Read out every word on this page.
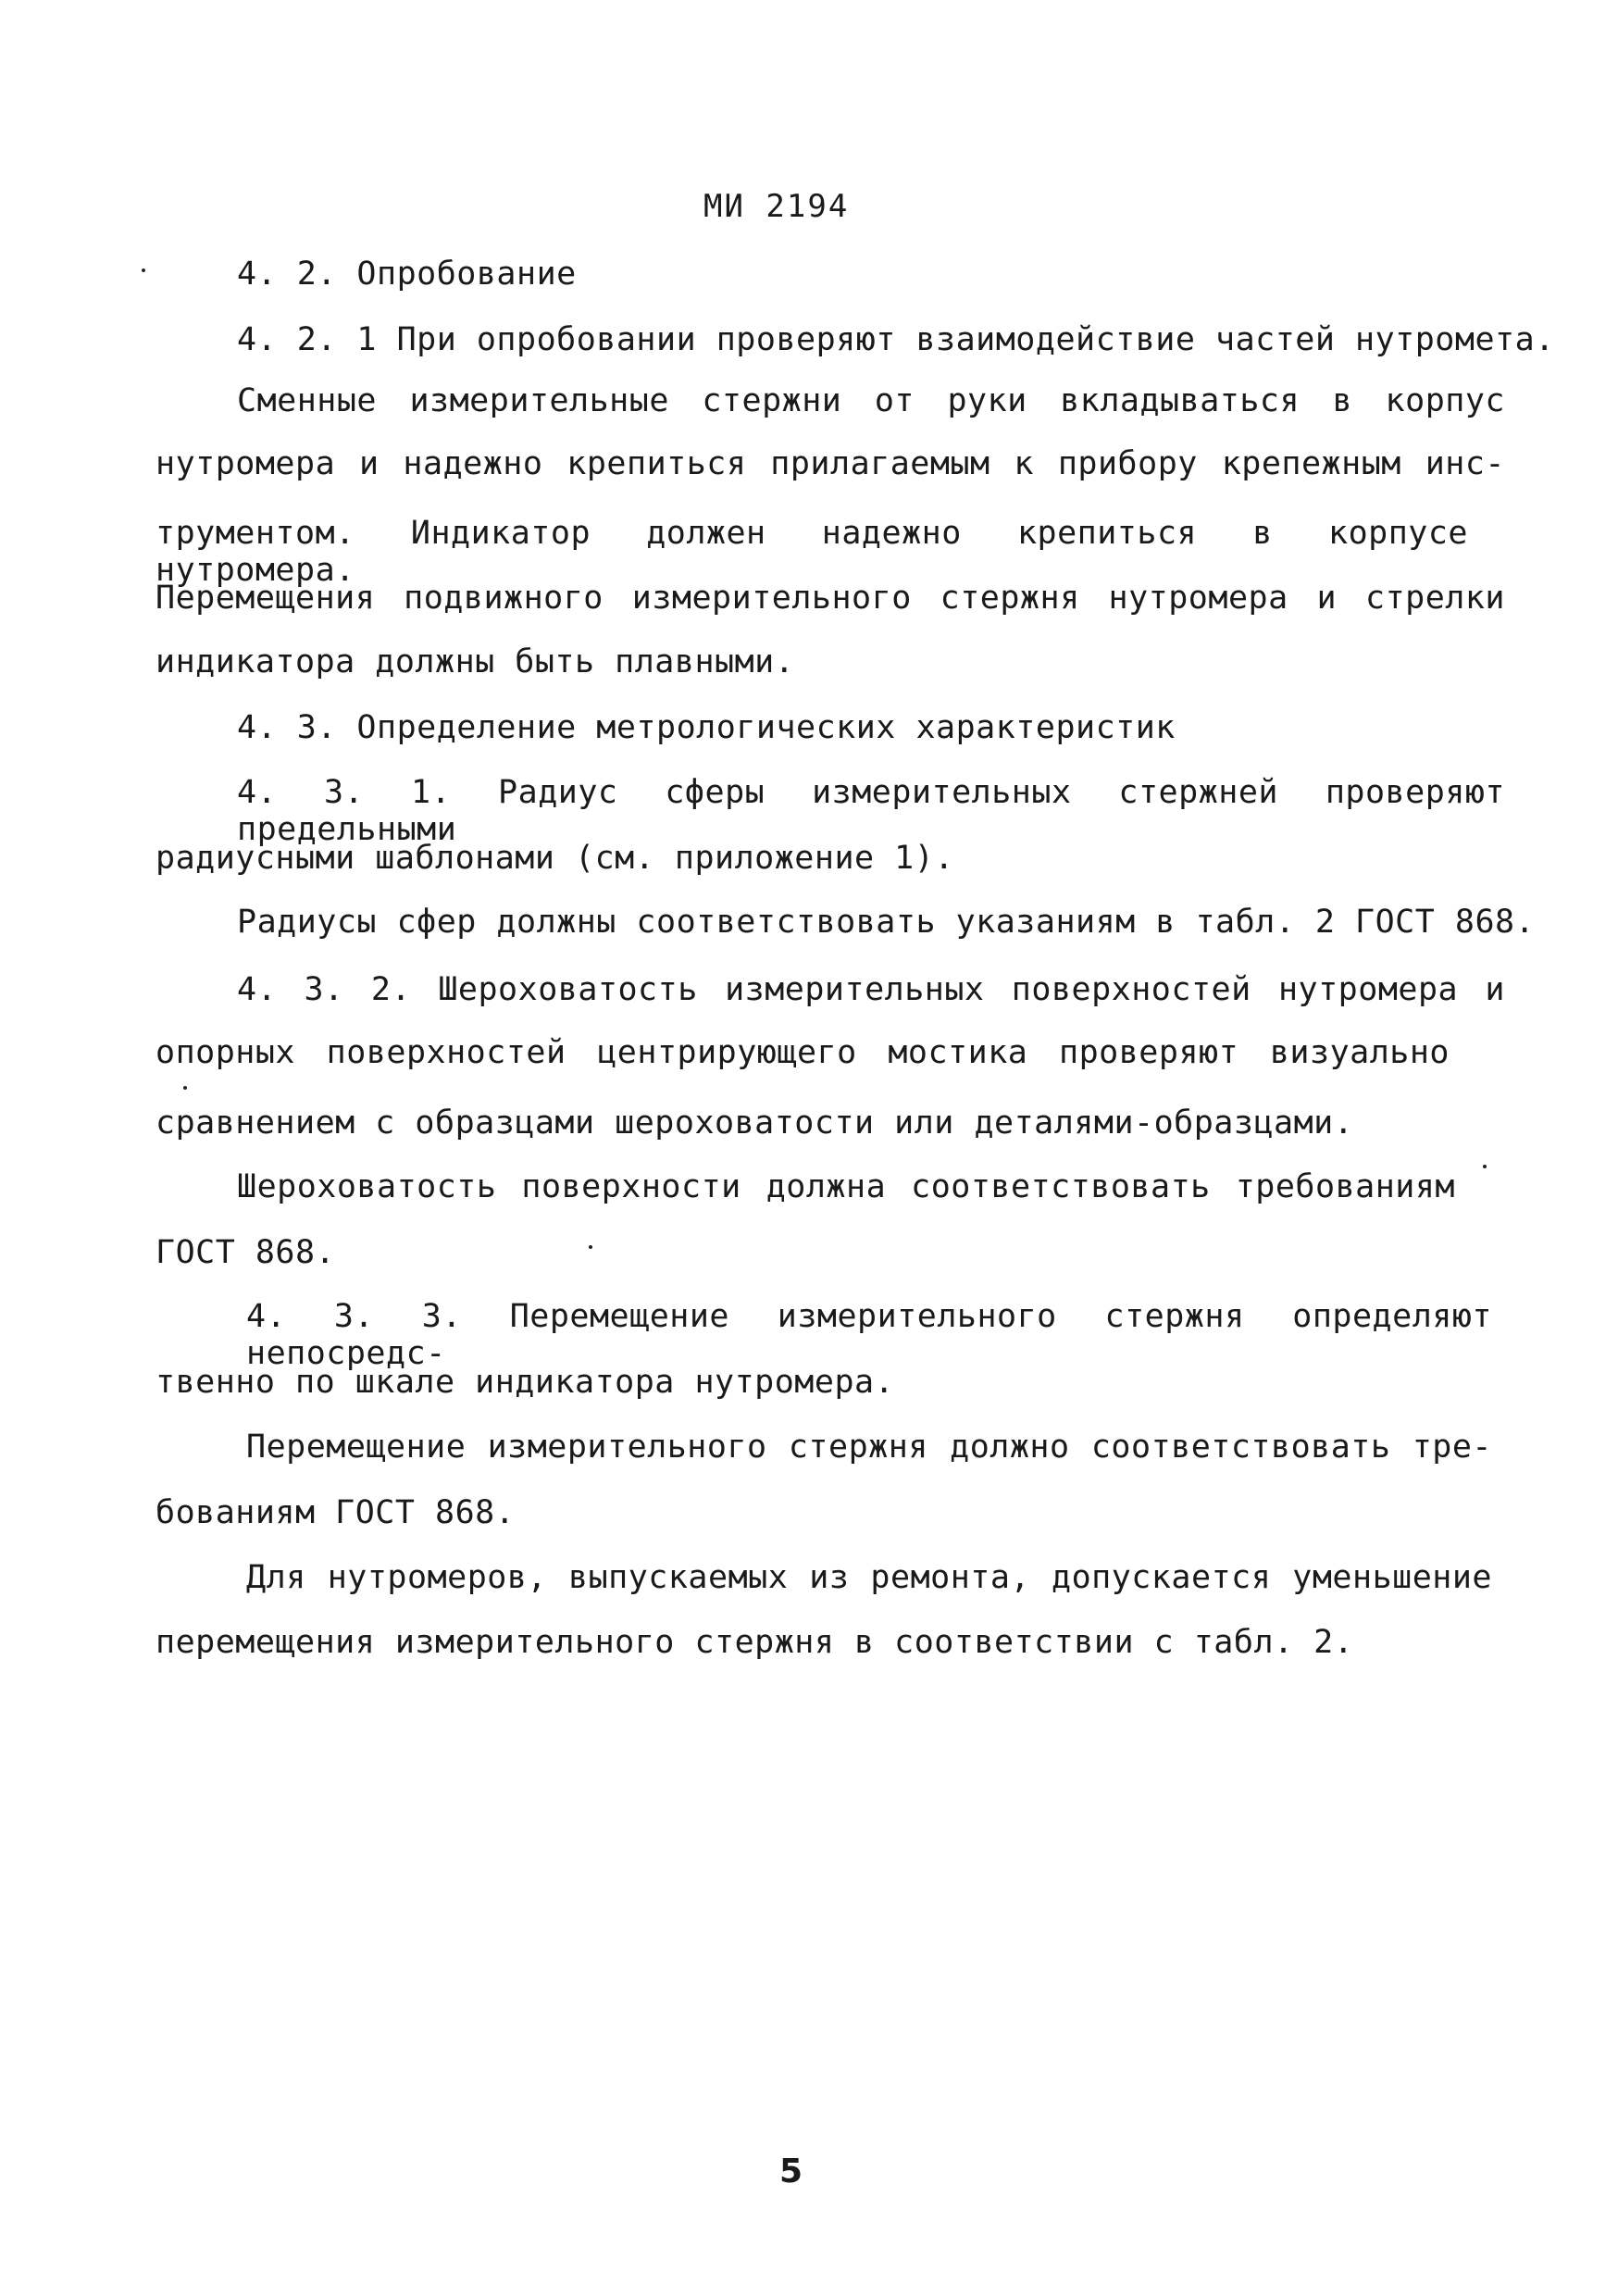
МИ 2194
4. 2. Опробование
4. 2. 1 При опробовании проверяют взаимодействие частей нутромета.
Сменные измерительные стержни от руки вкладываться в корпус
нутромера и надежно крепиться прилагаемым к прибору крепежным инс-
трументом. Индикатор должен надежно крепиться в корпусе нутромера.
Перемещения подвижного измерительного стержня нутромера и стрелки
индикатора должны быть плавными.
4. 3. Определение метрологических характеристик
4. 3. 1. Радиус сферы измерительных стержней проверяют предельными
радиусными шаблонами (см. приложение 1).
Радиусы сфер должны соответствовать указаниям в табл. 2 ГОСТ 868.
4. 3. 2. Шероховатость измерительных поверхностей нутромера и
опорных поверхностей центрирующего мостика проверяют визуально
сравнением с образцами шероховатости или деталями-образцами.
Шероховатость поверхности должна соответствовать требованиям
ГОСТ 868.
4. 3. 3. Перемещение измерительного стержня определяют непосредс-
твенно по шкале индикатора нутромера.
Перемещение измерительного стержня должно соответствовать тре-
бованиям ГОСТ 868.
Для нутромеров, выпускаемых из ремонта, допускается уменьшение
перемещения измерительного стержня в соответствии с табл. 2.
5
